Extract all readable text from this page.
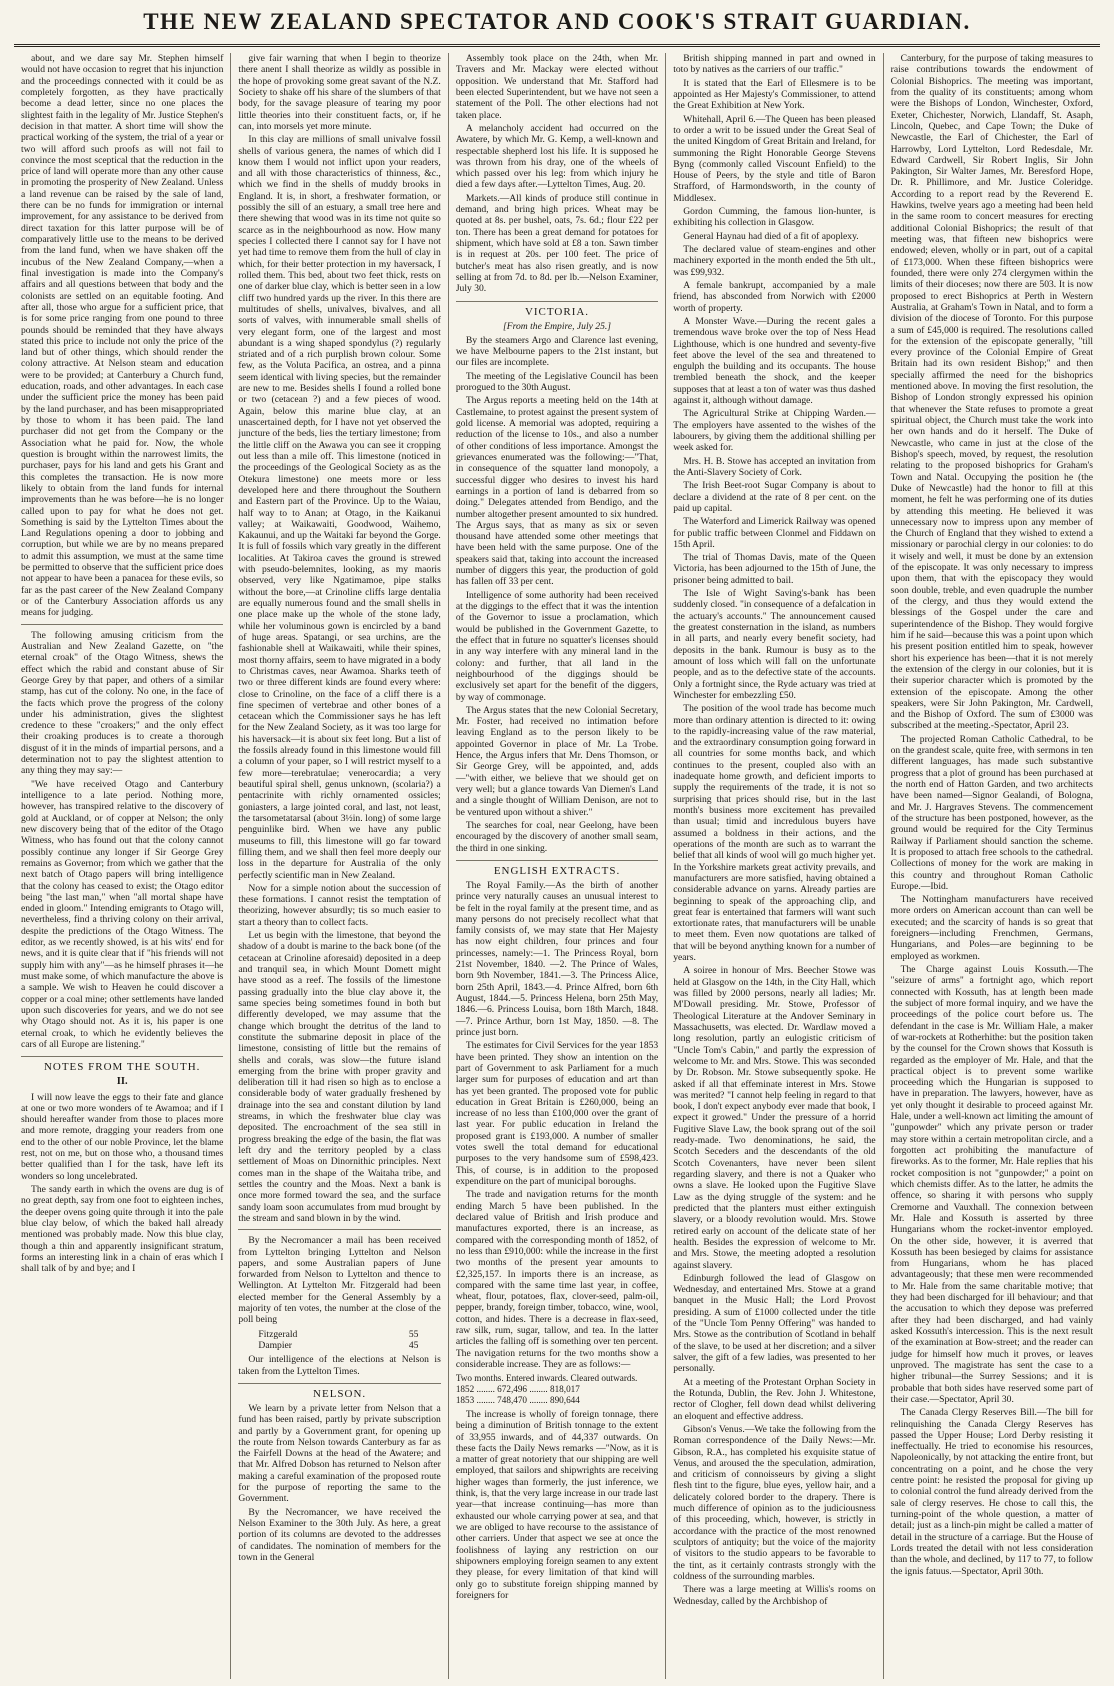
THE NEW ZEALAND SPECTATOR AND COOK'S STRAIT GUARDIAN.

about, and we dare say Mr. Stephen himself would not have occasion to regret that his injunction and the proceedings connected with it could be as completely forgotten, as they have practically become a dead letter, since no one places the slightest faith in the legality of Mr. Justice Stephen's decision in that matter. A short time will show the practical working of the system, the trial of a year or two will afford such proofs as will not fail to convince the most sceptical that the reduction in the price of land will operate more than any other cause in promoting the prosperity of New Zealand. Unless a land revenue can be raised by the sale of land, there can be no funds for immigration or internal improvement, for any assistance to be derived from direct taxation for this latter purpose will be of comparatively little use to the means to be derived from the land fund, when we have shaken off the incubus of the New Zealand Company,—when a final investigation is made into the Company's affairs and all questions between that body and the colonists are settled on an equitable footing. And after all, those who argue for a sufficient price, that is for some price ranging from one pound to three pounds should be reminded that they have always stated this price to include not only the price of the land but of other things, which should render the colony attractive. At Nelson steam and education were to be provided; at Canterbury a Church fund, education, roads, and other advantages. In each case under the sufficient price the money has been paid by the land purchaser, and has been misappropriated by those to whom it has been paid. The land purchaser did not get from the Company or the Association what he paid for. Now, the whole question is brought within the narrowest limits, the purchaser, pays for his land and gets his Grant and this completes the transaction. He is now more likely to obtain from the land funds for internal improvements than he was before—he is no longer called upon to pay for what he does not get. Something is said by the Lyttelton Times about the Land Regulations opening a door to jobbing and corruption, but while we are by no means prepared to admit this assumption, we must at the same time be permitted to observe that the sufficient price does not appear to have been a panacea for these evils, so far as the past career of the New Zealand Company or of the Canterbury Association affords us any means for judging.

The following amusing criticism from the Australian and New Zealand Gazette, on "the eternal croak" of the Otago Witness, shews the effect which the rabid and constant abuse of Sir George Grey by that paper, and others of a similar stamp, has cut of the colony. No one, in the face of the facts which prove the progress of the colony under his administration, gives the slightest credence to these "croakers;" and the only effect their croaking produces is to create a thorough disgust of it in the minds of impartial persons, and a determination not to pay the slightest attention to any thing they may say:—

"We have received Otago and Canterbury intelligence to a late period. Nothing more, however, has transpired relative to the discovery of gold at Auckland, or of copper at Nelson; the only new discovery being that of the editor of the Otago Witness, who has found out that the colony cannot possibly continue any longer if Sir George Grey remains as Governor; from which we gather that the next batch of Otago papers will bring intelligence that the colony has ceased to exist; the Otago editor being "the last man," when "all mortal shape have ended in gloom." Intending emigrants to Otago will, nevertheless, find a thriving colony on their arrival, despite the predictions of the Otago Witness. The editor, as we recently showed, is at his wits' end for news, and it is quite clear that if "his friends will not supply him with any"—as he himself phrases it—he must make some, of which manufacture the above is a sample. We wish to Heaven he could discover a copper or a coal mine; other settlements have landed upon such discoveries for years, and we do not see why Otago should not. As it is, his paper is one eternal croak, to which he evidently believes the cars of all Europe are listening."

NOTES FROM THE SOUTH.
II.

I will now leave the eggs to their fate and glance at one or two more wonders of te Awamoa; and if I should hereafter wander from those to places more and more remote, dragging your readers from one end to the other of our noble Province, let the blame rest, not on me, but on those who, a thousand times better qualified than I for the task, have left its wonders so long uncelebrated.

The sandy earth in which the ovens are dug is of no great depth, say from one foot to eighteen inches, the deeper ovens going quite through it into the pale blue clay below, of which the baked hall already mentioned was probably made. Now this blue clay, though a thin and apparently insignificant stratum, forms an interesting link in a chain of eras which I shall talk of by and bye; and I

give fair warning that when I begin to theorize there anent I shall theorize as wildly as possible in the hope of provoking some great savant of the N.Z. Society to shake off his share of the slumbers of that body, for the savage pleasure of tearing my poor little theories into their constituent facts, or, if he can, into morsels yet more minute.

In this clay are millions of small univalve fossil shells of various genera, the names of which did I know them I would not inflict upon your readers, and all with those characteristics of thinness, &c., which we find in the shells of muddy brooks in England. It is, in short, a freshwater formation, or possibly the sill of an estuary, a small tree here and there shewing that wood was in its time not quite so scarce as in the neighbourhood as now. How many species I collected there I cannot say for I have not yet had time to remove them from the hull of clay in which, for their better protection in my haversack, I rolled them. This bed, about two feet thick, rests on one of darker blue clay, which is better seen in a low cliff two hundred yards up the river. In this there are multitudes of shells, univalves, bivalves, and all sorts of valves, with innumerable small shells of very elegant form, one of the largest and most abundant is a wing shaped spondylus (?) regularly striated and of a rich purplish brown colour. Some few, as the Voluta Pacifica, an ostrea, and a pinna seem identical with living species, but the remainder are new to me. Besides shells I found a rolled bone or two (cetacean ?) and a few pieces of wood. Again, below this marine blue clay, at an unascertained depth, for I have not yet observed the juncture of the beds, lies the tertiary limestone; from the little cliff on the Awawa you can see it cropping out less than a mile off. This limestone (noticed in the proceedings of the Geological Society as as the Otekura limestone) one meets more or less developed here and there throughout the Southern and Eastern part of the Province. Up to the Waiau, half way to to Anan; at Otago, in the Kaikanui valley; at Waikawaiti, Goodwood, Waihemo, Kakaunui, and up the Waitaki far beyond the Gorge. It is full of fossils which vary greatly in the different localities. At Takiroa caves the ground is strewed with pseudo-belemnites, looking, as my maoris observed, very like Ngatimamoe, pipe stalks without the bore,—at Crinoline cliffs large dentalia are equally numerous found and the small shells in one place make up the whole of the stone lady, while her voluminous gown is encircled by a band of huge areas. Spatangi, or sea urchins, are the fashionable shell at Waikawaiti, while their spines, most thorny affairs, seem to have migrated in a body to Christmas caves, near Awamoa. Sharks teeth of two or three different kinds are found every where: close to Crinoline, on the face of a cliff there is a fine specimen of vertebrae and other bones of a cetacean which the Commissioner says he has left for the New Zealand Society, as it was too large for his haversack—it is about six feet long. But a list of the fossils already found in this limestone would fill a column of your paper, so I will restrict myself to a few more—terebratulae; venerocardia; a very beautiful spiral shell, genus unknown, (scolaria?) a pentacrinite with richly ornamented ossicles; goniasters, a large jointed coral, and last, not least, the tarsometatarsal (about 3½in. long) of some large penguinlike bird. When we have any public museums to fill, this limestone will go far toward filling them, and we shall then feel more deeply our loss in the departure for Australia of the only perfectly scientific man in New Zealand.

Now for a simple notion about the succession of these formations. I cannot resist the temptation of theorizing, however absurdly; tis so much easier to start a theory than to collect facts.

Let us begin with the limestone, that beyond the shadow of a doubt is marine to the back bone (of the cetacean at Crinoline aforesaid) deposited in a deep and tranquil sea, in which Mount Domett might have stood as a reef. The fossils of the limestone passing gradually into the blue clay above it, the same species being sometimes found in both but differently developed, we may assume that the change which brought the detritus of the land to constitute the submarine deposit in place of the limestone, consisting of little but the remains of shells and corals, was slow—the future island emerging from the brine with proper gravity and deliberation till it had risen so high as to enclose a considerable body of water gradually freshened by drainage into the sea and constant dilution by land streams, in which the freshwater blue clay was deposited. The encroachment of the sea still in progress breaking the edge of the basin, the flat was left dry and the territory peopled by a class settlement of Moas on Dinornithic principles. Next comes man in the shape of the Waitaha tribe, and settles the country and the Moas. Next a bank is once more formed toward the sea, and the surface sandy loam soon accumulates from mud brought by the stream and sand blown in by the wind.

By the Necromancer a mail has been received from Lyttelton bringing Lyttelton and Nelson papers, and some Australian papers of June forwarded from Nelson to Lyttelton and thence to Wellington. At Lyttelton Mr. Fitzgerald had been elected member for the General Assembly by a majority of ten votes, the number at the close of the poll being

Fitzgerald	55
Dampier	45

Our intelligence of the elections at Nelson is taken from the Lyttelton Times.

NELSON.

We learn by a private letter from Nelson that a fund has been raised, partly by private subscription and partly by a Government grant, for opening up the route from Nelson towards Canterbury as far as the Fairfell Downs at the head of the Awatere; and that Mr. Alfred Dobson has returned to Nelson after making a careful examination of the proposed route for the purpose of reporting the same to the Government.

By the Necromancer, we have received the Nelson Examiner to the 30th July. As here, a great portion of its columns are devoted to the addresses of candidates. The nomination of members for the town in the General

Assembly took place on the 24th, when Mr. Travers and Mr. Mackay were elected without opposition. We understand that Mr. Stafford had been elected Superintendent, but we have not seen a statement of the Poll. The other elections had not taken place.

A melancholy accident had occurred on the Awatere, by which Mr. G. Kemp, a well-known and respectable shepherd lost his life. It is supposed he was thrown from his dray, one of the wheels of which passed over his leg: from which injury he died a few days after.—Lyttelton Times, Aug. 20.

Markets.—All kinds of produce still continue in demand, and bring high prices. Wheat may be quoted at 8s. per bushel, oats, 7s. 6d.; flour £22 per ton. There has been a great demand for potatoes for shipment, which have sold at £8 a ton. Sawn timber is in request at 20s. per 100 feet. The price of butcher's meat has also risen greatly, and is now selling at from 7d. to 8d. per lb.—Nelson Examiner, July 30.

VICTORIA.

[From the Empire, July 25.]

By the steamers Argo and Clarence last evening, we have Melbourne papers to the 21st instant, but our files are incomplete.

The meeting of the Legislative Council has been prorogued to the 30th August.

The Argus reports a meeting held on the 14th at Castlemaine, to protest against the present system of gold license. A memorial was adopted, requiring a reduction of the license to 10s., and also a number of other conditions of less importance. Amongst the grievances enumerated was the following:—"That, in consequence of the squatter land monopoly, a successful digger who desires to invest his hard earnings in a portion of land is debarred from so doing." Delegates attended from Bendigo, and the number altogether present amounted to six hundred. The Argus says, that as many as six or seven thousand have attended some other meetings that have been held with the same purpose. One of the speakers said that, taking into account the increased number of diggers this year, the production of gold has fallen off 33 per cent.

Intelligence of some authority had been received at the diggings to the effect that it was the intention of the Governor to issue a proclamation, which would be published in the Government Gazette, to the effect that in future no squatter's licenses should in any way interfere with any mineral land in the colony: and further, that all land in the neighbourhood of the diggings should be exclusively set apart for the benefit of the diggers, by way of commonage.

The Argus states that the new Colonial Secretary, Mr. Foster, had received no intimation before leaving England as to the person likely to be appointed Governor in place of Mr. La Trobe. Hence, the Argus infers that Mr. Dens Thomson, or Sir George Grey, will be appointed, and, adds—"with either, we believe that we should get on very well; but a glance towards Van Diemen's Land and a single thought of William Denison, are not to be ventured upon without a shiver."

The searches for coal, near Geelong, have been encouraged by the discovery of another small seam, the third in one sinking.

ENGLISH EXTRACTS.

The Royal Family.—As the birth of another prince very naturally causes an unusual interest to be felt in the royal family at the present time, and as many persons do not precisely recollect what that family consists of, we may state that Her Majesty has now eight children, four princes and four princesses, namely:—1. The Princess Royal, born 21st November, 1840. —2. The Prince of Wales, born 9th November, 1841.—3. The Princess Alice, born 25th April, 1843.—4. Prince Alfred, born 6th August, 1844.—5. Princess Helena, born 25th May, 1846.—6. Princess Louisa, born 18th March, 1848.—7. Prince Arthur, born 1st May, 1850. —8. The prince just born.

The estimates for Civil Services for the year 1853 have been printed. They show an intention on the part of Government to ask Parliament for a much larger sum for purposes of education and art than has yet been granted. The proposed vote for public education in Great Britain is £260,000, being an increase of no less than £100,000 over the grant of last year. For public education in Ireland the proposed grant is £193,000. A number of smaller votes swell the total demand for educational purposes to the very handsome sum of £598,423. This, of course, is in addition to the proposed expenditure on the part of municipal boroughs.

The trade and navigation returns for the month ending March 5 have been published. In the declared value of British and Irish produce and manufactures exported, there is an increase, as compared with the corresponding month of 1852, of no less than £910,000: while the increase in the first two months of the present year amounts to £2,325,157. In imports there is an increase, as compared with the same time last year, in coffee, wheat, flour, potatoes, flax, clover-seed, palm-oil, pepper, brandy, foreign timber, tobacco, wine, wool, cotton, and hides. There is a decrease in flax-seed, raw silk, rum, sugar, tallow, and tea. In the latter articles the falling off is something over ten percent. The navigation returns for the two months show a considerable increase. They are as follows:—

Two months. Entered inwards. Cleared outwards.
1852 ........ 672,496 ........ 818,017
1853 ........ 748,470 ........ 890,644

The increase is wholly of foreign tonnage, there being a diminution of British tonnage to the extent of 33,955 inwards, and of 44,337 outwards. On these facts the Daily News remarks —"Now, as it is a matter of great notoriety that our shipping are well employed, that sailors and shipwrights are receiving higher wages than formerly, the just inference, we think, is, that the very large increase in our trade last year—that increase continuing—has more than exhausted our whole carrying power at sea, and that we are obliged to have recourse to the assistance of other carriers. Under that aspect we see at once the foolishness of laying any restriction on our shipowners employing foreign seamen to any extent they please, for every limitation of that kind will only go to substitute foreign shipping manned by foreigners for

British shipping manned in part and owned in toto by natives as the carriers of our traffic."

It is stated that the Earl of Ellesmere is to be appointed as Her Majesty's Commissioner, to attend the Great Exhibition at New York.

Whitehall, April 6.—The Queen has been pleased to order a writ to be issued under the Great Seal of the united Kingdom of Great Britain and Ireland, for summoning the Right Honorable George Stevens Byng (commonly called Viscount Enfield) to the House of Peers, by the style and title of Baron Strafford, of Harmondsworth, in the county of Middlesex.

Gordon Cumming, the famous lion-hunter, is exhibiting his collection in Glasgow.

General Haynau had died of a fit of apoplexy.

The declared value of steam-engines and other machinery exported in the month ended the 5th ult., was £99,932.

A female bankrupt, accompanied by a male friend, has absconded from Norwich with £2000 worth of property.

A Monster Wave.—During the recent gales a tremendous wave broke over the top of Ness Head Lighthouse, which is one hundred and seventy-five feet above the level of the sea and threatened to engulph the building and its occupants. The house trembled beneath the shock, and the keeper supposes that at least a ton of water was thus dashed against it, although without damage.

The Agricultural Strike at Chipping Warden.—The employers have assented to the wishes of the labourers, by giving them the additional shilling per week asked for.

Mrs. H. B. Stowe has accepted an invitation from the Anti-Slavery Society of Cork.

The Irish Beet-root Sugar Company is about to declare a dividend at the rate of 8 per cent. on the paid up capital.

The Waterford and Limerick Railway was opened for public traffic between Clonmel and Fiddawn on 15th April.

The trial of Thomas Davis, mate of the Queen Victoria, has been adjourned to the 15th of June, the prisoner being admitted to bail.

The Isle of Wight Saving's-bank has been suddenly closed. "in consequence of a defalcation in the actuary's accounts." The announcement caused the greatest consternation in the island, as numbers in all parts, and nearly every benefit society, had deposits in the bank. Rumour is busy as to the amount of loss which will fall on the unfortunate people, and as to the defective state of the accounts. Only a fortnight since, the Ryde actuary was tried at Winchester for embezzling £50.

The position of the wool trade has become much more than ordinary attention is directed to it: owing to the rapidly-increasing value of the raw material, and the extraordinary consumption going forward in all countries for some months back, and which continues to the present, coupled also with an inadequate home growth, and deficient imports to supply the requirements of the trade, it is not so surprising that prices should rise, but in the last month's business more excitement has prevailed than usual; timid and incredulous buyers have assumed a boldness in their actions, and the operations of the month are such as to warrant the belief that all kinds of wool will go much higher yet. In the Yorkshire markets great activity prevails, and manufacturers are more satisfied, having obtained a considerable advance on yarns. Already parties are beginning to speak of the approaching clip, and great fear is entertained that farmers will want such extortionate rates, that manufacturers will be unable to meet them. Even now quotations are talked of that will be beyond anything known for a number of years.

A soiree in honour of Mrs. Beecher Stowe was held at Glasgow on the 14th, in the City Hall, which was filled by 2000 persons, nearly all ladies; Mr. M'Dowall presiding. Mr. Stowe, Professor of Theological Literature at the Andover Seminary in Massachusetts, was elected. Dr. Wardlaw moved a long resolution, partly an eulogistic criticism of "Uncle Tom's Cabin," and partly the expression of welcome to Mr. and Mrs. Stowe. This was seconded by Dr. Robson. Mr. Stowe subsequently spoke. He asked if all that effeminate interest in Mrs. Stowe was merited? "I cannot help feeling in regard to that book, I don't expect anybody ever made that book, I expect it growed." Under the pressure of a horrid Fugitive Slave Law, the book sprang out of the soil ready-made. Two denominations, he said, the Scotch Seceders and the descendants of the old Scotch Covenanters, have never been silent regarding slavery, and there is not a Quaker who owns a slave. He looked upon the Fugitive Slave Law as the dying struggle of the system: and he predicted that the planters must either extinguish slavery, or a bloody revolution would. Mrs. Stowe retired early on account of the delicate state of her health. Besides the expression of welcome to Mr. and Mrs. Stowe, the meeting adopted a resolution against slavery.

Edinburgh followed the lead of Glasgow on Wednesday, and entertained Mrs. Stowe at a grand banquet in the Music Hall; the Lord Provost presiding. A sum of £1000 collected under the title of the "Uncle Tom Penny Offering" was handed to Mrs. Stowe as the contribution of Scotland in behalf of the slave, to be used at her discretion; and a silver salver, the gift of a few ladies, was presented to her personally.

At a meeting of the Protestant Orphan Society in the Rotunda, Dublin, the Rev. John J. Whitestone, rector of Clogher, fell down dead whilst delivering an eloquent and effective address.

Gibson's Venus.—We take the following from the Roman correspondence of the Daily News:—Mr. Gibson, R.A., has completed his exquisite statue of Venus, and aroused the the speculation, admiration, and criticism of connoisseurs by giving a slight flesh tint to the figure, blue eyes, yellow hair, and a delicately colored border to the drapery. There is much difference of opinion as to the judiciousness of this proceeding, which, however, is strictly in accordance with the practice of the most renowned sculptors of antiquity; but the voice of the majority of visitors to the studio appears to be favorable to the tint, as it certainly contrasts strongly with the coldness of the surrounding marbles.

There was a large meeting at Willis's rooms on Wednesday, called by the Archbishop of

Canterbury, for the purpose of taking measures to raise contributions towards the endowment of Colonial Bishoprics. The meeting was important, from the quality of its constituents; among whom were the Bishops of London, Winchester, Oxford, Exeter, Chichester, Norwich, Llandaff, St. Asaph, Lincoln, Quebec, and Cape Town; the Duke of Newcastle, the Earl of Chichester, the Earl of Harrowby, Lord Lyttelton, Lord Redesdale, Mr. Edward Cardwell, Sir Robert Inglis, Sir John Pakington, Sir Walter James, Mr. Beresford Hope, Dr. R. Phillimore, and Mr. Justice Coleridge. According to a report read by the Reverend E. Hawkins, twelve years ago a meeting had been held in the same room to concert measures for erecting additional Colonial Bishoprics; the result of that meeting was, that fifteen new bishoprics were endowed; eleven, wholly or in part, out of a capital of £173,000. When these fifteen bishoprics were founded, there were only 274 clergymen within the limits of their dioceses; now there are 503. It is now proposed to erect Bishoprics at Perth in Western Australia, at Graham's Town in Natal, and to form a division of the diocese of Toronto. For this purpose a sum of £45,000 is required. The resolutions called for the extension of the episcopate generally, "till every province of the Colonial Empire of Great Britain had its own resident Bishop;" and then specially affirmed the need for the bishoprics mentioned above. In moving the first resolution, the Bishop of London strongly expressed his opinion that whenever the State refuses to promote a great spiritual object, the Church must take the work into her own hands and do it herself. The Duke of Newcastle, who came in just at the close of the Bishop's speech, moved, by request, the resolution relating to the proposed bishoprics for Graham's Town and Natal. Occupying the position he (the Duke of Newcastle) had the honor to fill at this moment, he felt he was performing one of its duties by attending this meeting. He believed it was unnecessary now to impress upon any member of the Church of England that they wished to extend a missionary or parochial clergy in our colonies: to do it wisely and well, it must be done by an extension of the episcopate. It was only necessary to impress upon them, that with the episcopacy they would soon double, treble, and even quadruple the number of the clergy, and thus they would extend the blessings of the Gospel under the care and superintendence of the Bishop. They would forgive him if he said—because this was a point upon which his present position entitled him to speak, however short his experience has been—that it is not merely the extension of the clergy in our colonies, but it is their superior character which is promoted by the extension of the episcopate. Among the other speakers, were Sir John Pakington, Mr. Cardwell, and the Bishop of Oxford. The sum of £3000 was subscribed at the meeting.-Spectator, April 23.

The projected Roman Catholic Cathedral, to be on the grandest scale, quite free, with sermons in ten different languages, has made such substantive progress that a plot of ground has been purchased at the north end of Hatton Garden, and two architects have been named—Signor Gealandi, of Bologna, and Mr. J. Hargraves Stevens. The commencement of the structure has been postponed, however, as the ground would be required for the City Terminus Railway if Parliament should sanction the scheme. It is proposed to attach free schools to the cathedral. Collections of money for the work are making in this country and throughout Roman Catholic Europe.—Ibid.

The Nottingham manufacturers have received more orders on American account than can well be executed; and the scarcity of hands is so great that foreigners—including Frenchmen, Germans, Hungarians, and Poles—are beginning to be employed as workmen.

The Charge against Louis Kossuth.—The "seizure of arms" a fortnight ago, which report connected with Kossuth, has at length been made the subject of more formal inquiry, and we have the proceedings of the police court before us. The defendant in the case is Mr. William Hale, a maker of war-rockets at Rotherhithe: but the position taken by the counsel for the Crown shows that Kossuth is regarded as the employer of Mr. Hale, and that the practical object is to prevent some warlike proceeding which the Hungarian is supposed to have in preparation. The lawyers, however, have as yet only thought it desirable to proceed against Mr. Hale, under a well-known act limiting the amount of "gunpowder" which any private person or trader may store within a certain metropolitan circle, and a forgotten act prohibiting the manufacture of fireworks. As to the former, Mr. Hale replies that his rocket composition is not "gunpowder;" a point on which chemists differ. As to the latter, he admits the offence, so sharing it with persons who supply Cremorne and Vauxhall. The connexion between Mr. Hale and Kossuth is asserted by three Hungarians whom the rocket-inventor employed. On the other side, however, it is averred that Kossuth has been besieged by claims for assistance from Hungarians, whom he has placed advantageously; that these men were recommended to Mr. Hale from the same charitable motive; that they had been discharged for ill behaviour; and that the accusation to which they depose was preferred after they had been discharged, and had vainly asked Kossuth's intercession. This is the next result of the examination at Bow-street; and the reader can judge for himself how much it proves, or leaves unproved. The magistrate has sent the case to a higher tribunal—the Surrey Sessions; and it is probable that both sides have reserved some part of their case.—Spectator, April 30.

The Canada Clergy Reserves Bill.—The bill for relinquishing the Canada Clergy Reserves has passed the Upper House; Lord Derby resisting it ineffectually. He tried to economise his resources, Napoleonically, by not attacking the entire front, but concentrating on a point, and he chose the very centre point: he resisted the proposal for giving up to colonial control the fund already derived from the sale of clergy reserves. He chose to call this, the turning-point of the whole question, a matter of detail; just as a linch-pin might be called a matter of detail in the structure of a carriage. But the House of Lords treated the detail with not less consideration than the whole, and declined, by 117 to 77, to follow the ignis fatuus.—Spectator, April 30th.
